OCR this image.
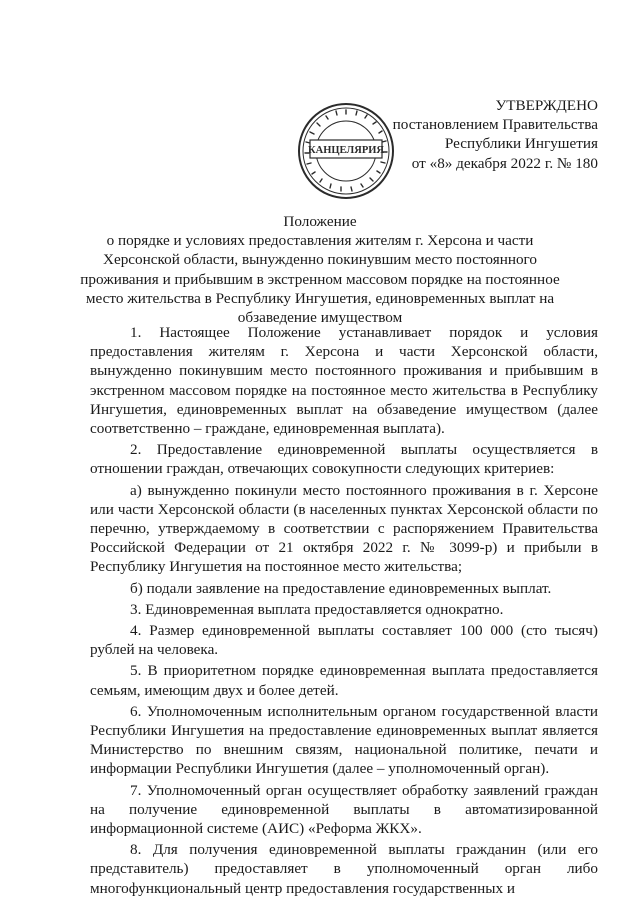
КАНЦЕЛЯРИЯ
УТВЕРЖДЕНО
постановлением Правительства
Республики Ингушетия
от «8» декабря 2022 г. № 180
Положение
о порядке и условиях предоставления жителям г. Херсона и части
Херсонской области, вынужденно покинувшим место постоянного
проживания и прибывшим в экстренном массовом порядке на постоянное
место жительства в Республику Ингушетия, единовременных выплат на
обзаведение имуществом

1. Настоящее Положение устанавливает порядок и условия предоставления жителям г. Херсона и части Херсонской области, вынужденно покинувшим место постоянного проживания и прибывшим в экстренном массовом порядке на постоянное место жительства в Республику Ингушетия, единовременных выплат на обзаведение имуществом (далее соответственно – граждане, единовременная выплата).

2. Предоставление единовременной выплаты осуществляется в отношении граждан, отвечающих совокупности следующих критериев:

а) вынужденно покинули место постоянного проживания в г. Херсоне или части Херсонской области (в населенных пунктах Херсонской области по перечню, утверждаемому в соответствии с распоряжением Правительства Российской Федерации от 21 октября 2022 г. № 3099-р) и прибыли в Республику Ингушетия на постоянное место жительства;

б) подали заявление на предоставление единовременных выплат.

3. Единовременная выплата предоставляется однократно.

4. Размер единовременной выплаты составляет 100 000 (сто тысяч) рублей на человека.

5. В приоритетном порядке единовременная выплата предоставляется семьям, имеющим двух и более детей.

6. Уполномоченным исполнительным органом государственной власти Республики Ингушетия на предоставление единовременных выплат является Министерство по внешним связям, национальной политике, печати и информации Республики Ингушетия (далее – уполномоченный орган).

7. Уполномоченный орган осуществляет обработку заявлений граждан на получение единовременной выплаты в автоматизированной информационной системе (АИС) «Реформа ЖКХ».

8. Для получения единовременной выплаты гражданин (или его представитель) предоставляет в уполномоченный орган либо многофункциональный центр предоставления государственных и
